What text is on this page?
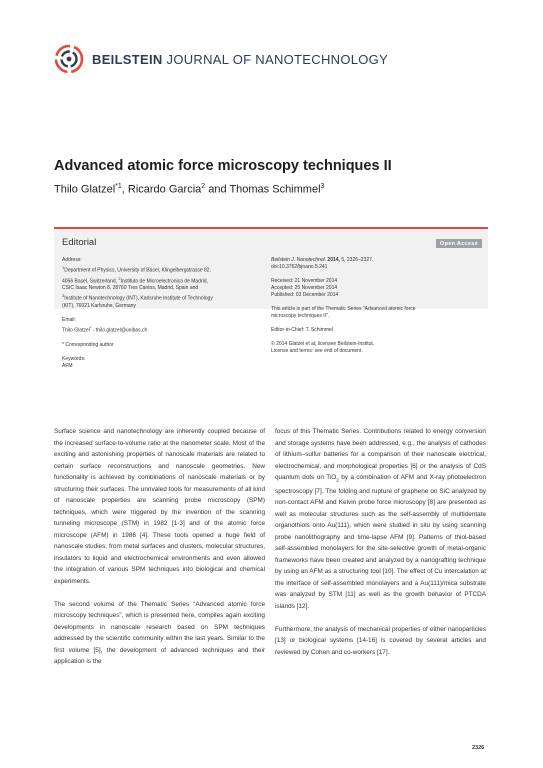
BEILSTEIN JOURNAL OF NANOTECHNOLOGY
Advanced atomic force microscopy techniques II
Thilo Glatzel$^{*1}$, Ricardo Garcia$^2$ and Thomas Schimmel$^3$
Editorial	Open Access

Address:

$^1$Department of Physics, University of Basel, Klingelbergstrasse 82,

4056 Basel, Switzerland, $^2$Instituto de Microelectronica de Madrid,

CSIC Isaac Newton 8, 28760 Tres Cantos, Madrid, Spain and

$^3$Institute of Nanotechnology (INT), Karlsruhe Institute of Technology

(KIT), 76021 Karlsruhe, Germany

Email:

Thilo Glatzel* - thilo.glatzel@unibas.ch

* Corresponding author

Keywords:

AFM

Beilstein J. Nanotechnol. 2014, 5, 2326–2327.

doi:10.3762/bjnano.5.241

Received: 21 November 2014

Accepted: 25 November 2014

Published: 03 December 2014

This article is part of the Thematic Series "Advanced atomic force

microscopy techniques II".

Editor-in-Chief: T. Schimmel

© 2014 Glatzel et al; licensee Beilstein-Institut.

License and terms: see end of document.

Surface science and nanotechnology are inherently coupled because of the increased surface-to-volume ratio at the nanometer scale. Most of the exciting and astonishing properties of nanoscale materials are related to certain surface reconstructions and nanoscale geometries. New functionality is achieved by combinations of nanoscale materials or by structuring their surfaces. The unrivaled tools for measurements of all kind of nanoscale properties are scanning probe microscopy (SPM) techniques, which were triggered by the invention of the scanning tunneling microscope (STM) in 1982 [1-3] and of the atomic force microscope (AFM) in 1986 [4]. These tools opened a huge field of nanoscale studies, from metal surfaces and clusters, molecular structures, insulators to liquid and electrochemical environments and even allowed the integration of various SPM techniques into biological and chemical experiments.

The second volume of the Thematic Series “Advanced atomic force microscopy techniques”, which is presented here, compiles again exciting developments in nanoscale research based on SPM techniques addressed by the scientific community within the last years. Similar to the first volume [5], the development of advanced techniques and their application is the

focus of this Thematic Series. Contributions related to energy conversion and storage systems have been addressed, e.g., the analysis of cathodes of lithium–sulfur batteries for a comparison of their nanoscale electrical, electrochemical, and morphological properties [6] or the analysis of CdS quantum dots on TiO$_2$ by a combination of AFM and X-ray photoelectron spectroscopy [7]. The folding and rupture of graphene on SiC analyzed by non-contact AFM and Kelvin probe force microscopy [8] are presented as well as molecular structures such as the self-assembly of multidentate organothiols onto Au(111), which were studied in situ by using scanning probe nanolithography and time-lapse AFM [9]. Patterns of thiol-based self-assembled monolayers for the site-selective growth of metal-organic frameworks have been created and analyzed by a nanografting technique by using an AFM as a structuring tool [10]. The effect of Cu intercalation at the interface of self-assembled monolayers and a Au(111)/mica substrate was analyzed by STM [11] as well as the growth behavior of PTCDA islands [12].

Furthermore, the analysis of mechanical properties of either nanoparticles [13] or biological systems [14-16] is covered by several articles and reviewed by Cohen and co-workers [17].

2326
